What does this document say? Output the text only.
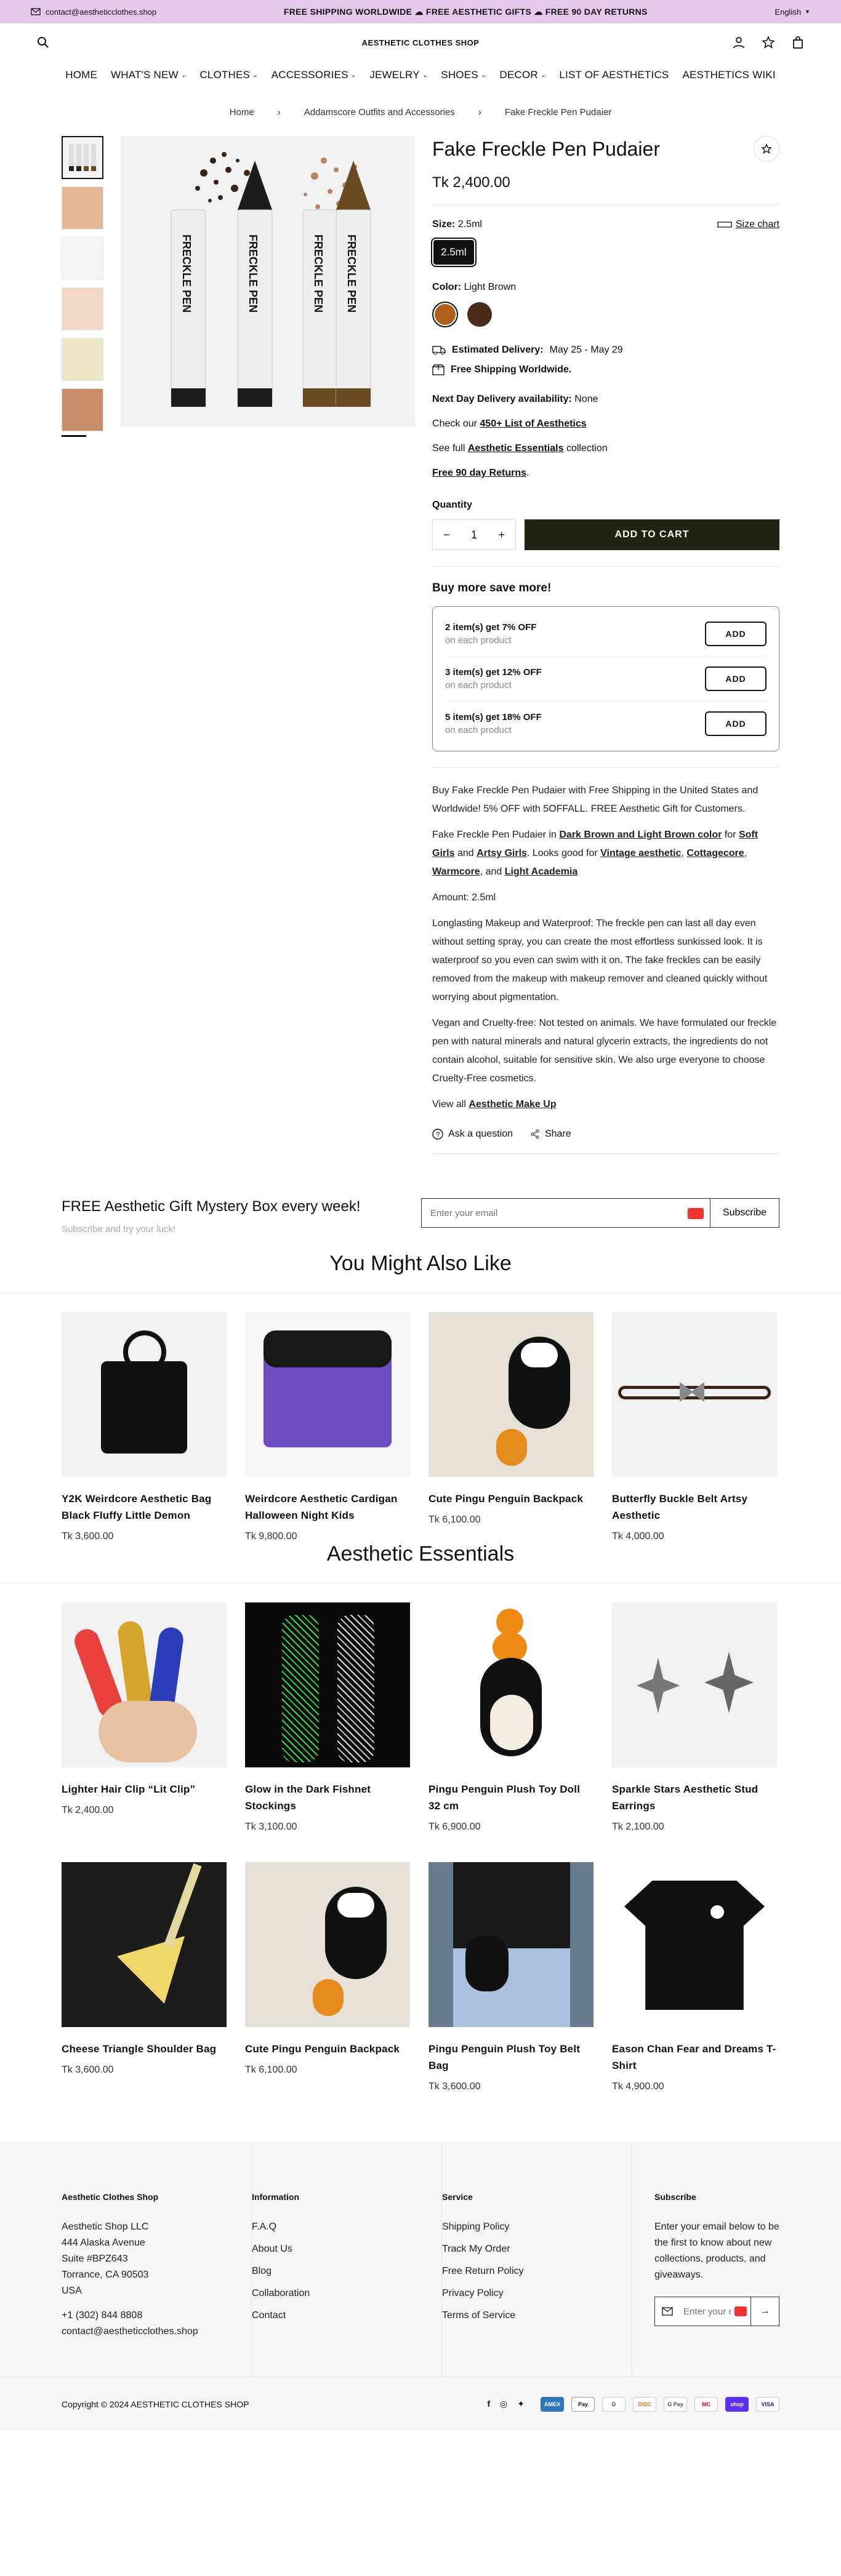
contact@aestheticclothes.shop	FREE SHIPPING WORLDWIDE ☁ FREE AESTHETIC GIFTS ☁ FREE 90 DAY RETURNS	English ▼
AESTHETIC CLOTHES SHOP
HOME WHAT'S NEW ⌄ CLOTHES ⌄ ACCESSORIES ⌄ JEWELRY ⌄ SHOES ⌄ DECOR ⌄ LIST OF AESTHETICS AESTHETICS WIKI
Home	›	Addamscore Outfits and Accessories	›	Fake Freckle Pen Pudaier
FRECKLE PEN	FRECKLE PEN	FRECKLE PEN FRECKLE PEN
Fake Freckle Pen Pudaier
Tk 2,400.00
Size: 2.5ml	Size chart
2.5ml
Color: Light Brown
Estimated Delivery: May 25 - May 29
Free Shipping Worldwide.
Next Day Delivery availability: None
Check our 450+ List of Aesthetics
See full Aesthetic Essentials collection
Free 90 day Returns.
Quantity
− 1 +	ADD TO CART
Buy more save more!
2 item(s) get 7% OFF
on each product
ADD
3 item(s) get 12% OFF
on each product
ADD
5 item(s) get 18% OFF
on each product
ADD

Buy Fake Freckle Pen Pudaier with Free Shipping in the United States and Worldwide! 5% OFF with 5OFFALL. FREE Aesthetic Gift for Customers.

Fake Freckle Pen Pudaier in Dark Brown and Light Brown color for Soft Girls and Artsy Girls. Looks good for Vintage aesthetic, Cottagecore, Warmcore, and Light Academia

Amount: 2.5ml

Longlasting Makeup and Waterproof: The freckle pen can last all day even without setting spray, you can create the most effortless sunkissed look. It is waterproof so you even can swim with it on. The fake freckles can be easily removed from the makeup with makeup remover and cleaned quickly without worrying about pigmentation.

Vegan and Cruelty-free: Not tested on animals. We have formulated our freckle pen with natural minerals and natural glycerin extracts, the ingredients do not contain alcohol, suitable for sensitive skin. We also urge everyone to choose Cruelty-Free cosmetics.

View all Aesthetic Make Up

? Ask a question	Share
FREE Aesthetic Gift Mystery Box every week!
Subscribe and try your luck!
Enter your email
Subscribe
You Might Also Like
Y2K Weirdcore Aesthetic Bag Black Fluffy Little Demon
Tk 3,600.00
Weirdcore Aesthetic Cardigan Halloween Night Kids
Tk 9,800.00
Cute Pingu Penguin Backpack
Tk 6,100.00
Butterfly Buckle Belt Artsy Aesthetic
Tk 4,000.00
Aesthetic Essentials
Lighter Hair Clip “Lit Clip”
Tk 2,400.00
Glow in the Dark Fishnet Stockings
Tk 3,100.00
Pingu Penguin Plush Toy Doll 32 cm
Tk 6,900.00
Sparkle Stars Aesthetic Stud Earrings
Tk 2,100.00
Cheese Triangle Shoulder Bag
Tk 3,600.00
Cute Pingu Penguin Backpack
Tk 6,100.00
Pingu Penguin Plush Toy Belt Bag
Tk 3,600.00
Eason Chan Fear and Dreams T-Shirt
Tk 4,900.00
Aesthetic Clothes Shop

Aesthetic Shop LLC

444 Alaska Avenue

Suite #BPZ643

Torrance, CA 90503

USA

+1 (302) 844 8808

contact@aestheticclothes.shop

Information
F.A.Q
About Us
Blog
Collaboration
Contact
Service
Shipping Policy
Track My Order
Free Return Policy
Privacy Policy
Terms of Service
Subscribe

Enter your email below to be the first to know about new collections, products, and giveaways.

Enter your email
→
Copyright © 2024 AESTHETIC CLOTHES SHOP	f ◎ ✦	AMEX	Pay	D	DISC	G Pay	MC	shop	VISA
